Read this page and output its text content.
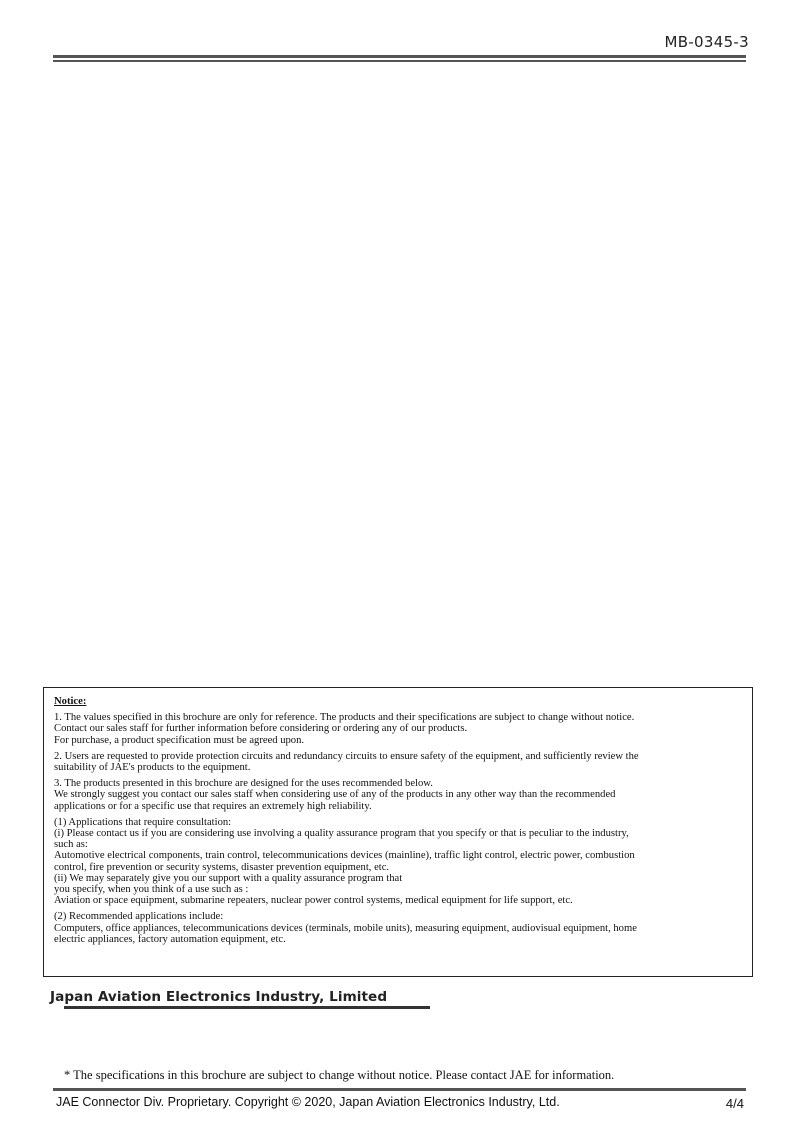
MB-0345-3
Notice:
1. The values specified in this brochure are only for reference. The products and their specifications are subject to change without notice.
Contact our sales staff for further information before considering or ordering any of our products.
For purchase, a product specification must be agreed upon.
2. Users are requested to provide protection circuits and redundancy circuits to ensure safety of the equipment, and sufficiently review the
suitability of JAE's products to the equipment.
3. The products presented in this brochure are designed for the uses recommended below.
We strongly suggest you contact our sales staff when considering use of any of the products in any other way than the recommended
applications or for a specific use that requires an extremely high reliability.
(1) Applications that require consultation:
(i) Please contact us if you are considering use involving a quality assurance program that you specify or that is peculiar to the industry,
such as:
Automotive electrical components, train control, telecommunications devices (mainline), traffic light control, electric power, combustion
control, fire prevention or security systems, disaster prevention equipment, etc.
(ii) We may separately give you our support with a quality assurance program that
you specify, when you think of a use such as :
Aviation or space equipment, submarine repeaters, nuclear power control systems, medical equipment for life support, etc.
(2) Recommended applications include:
Computers, office appliances, telecommunications devices (terminals, mobile units), measuring equipment, audiovisual equipment, home
electric appliances, factory automation equipment, etc.
Japan Aviation Electronics Industry, Limited
* The specifications in this brochure are subject to change without notice. Please contact JAE for information.
JAE Connector Div. Proprietary. Copyright © 2020, Japan Aviation Electronics Industry, Ltd.	4/4
